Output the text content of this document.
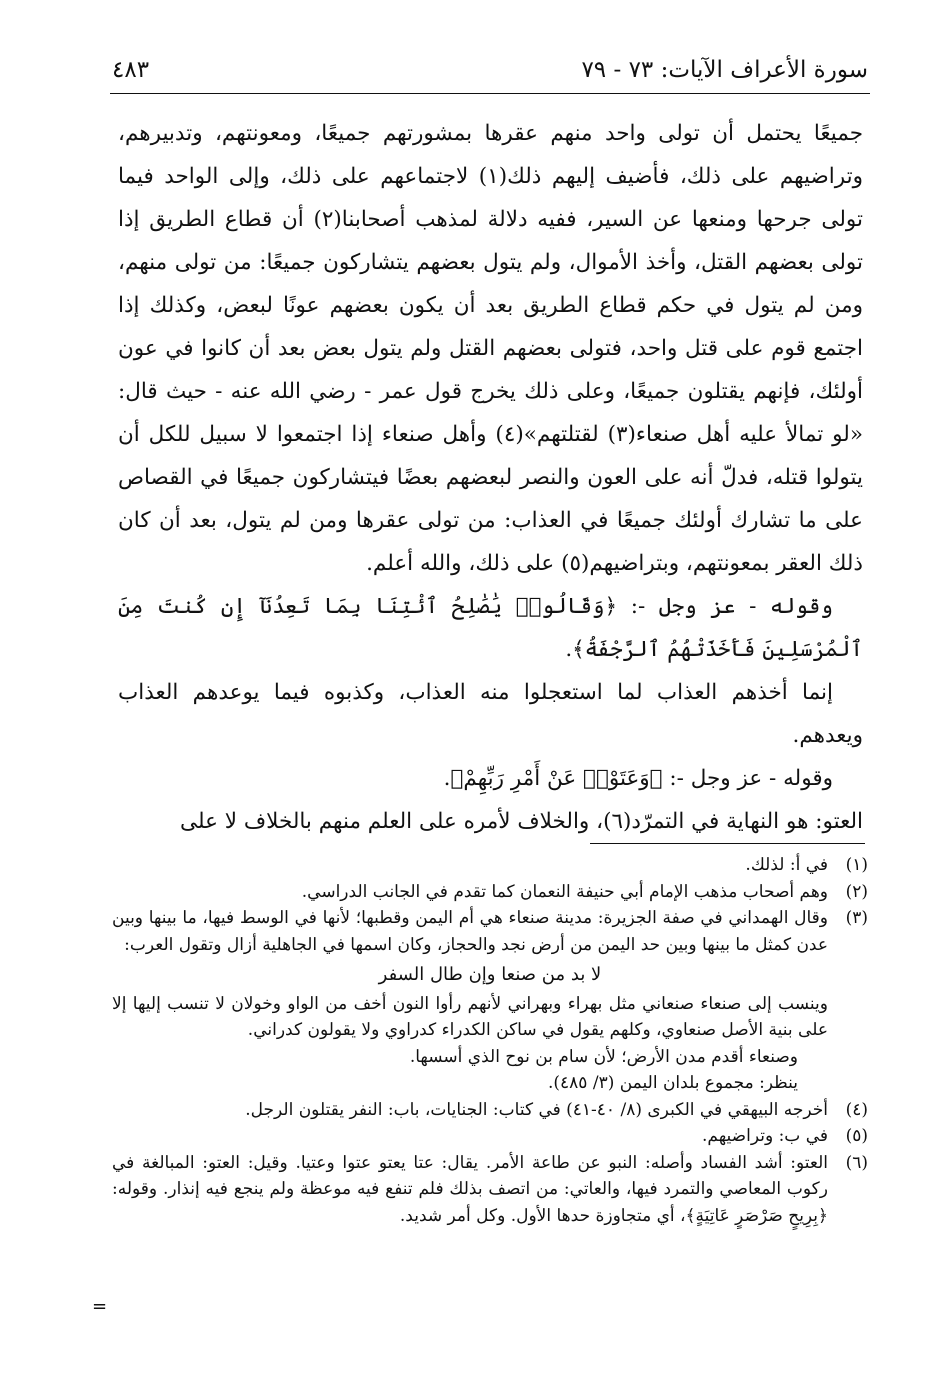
سورة الأعراف الآيات: ٧٣ - ٧٩
٤٨٣

جميعًا يحتمل أن تولى واحد منهم عقرها بمشورتهم جميعًا، ومعونتهم، وتدبيرهم، وتراضيهم على ذلك، فأضيف إليهم ذلك(١) لاجتماعهم على ذلك، وإلى الواحد فيما تولى جرحها ومنعها عن السير، ففيه دلالة لمذهب أصحابنا(٢) أن قطاع الطريق إذا تولى بعضهم القتل، وأخذ الأموال، ولم يتول بعضهم يتشاركون جميعًا: من تولى منهم، ومن لم يتول في حكم قطاع الطريق بعد أن يكون بعضهم عونًا لبعض، وكذلك إذا اجتمع قوم على قتل واحد، فتولى بعضهم القتل ولم يتول بعض بعد أن كانوا في عون أولئك، فإنهم يقتلون جميعًا، وعلى ذلك يخرج قول عمر - رضي الله عنه - حيث قال: «لو تمالأ عليه أهل صنعاء(٣) لقتلتهم»(٤) وأهل صنعاء إذا اجتمعوا لا سبيل للكل أن يتولوا قتله، فدلّ أنه على العون والنصر لبعضهم بعضًا فيتشاركون جميعًا في القصاص على ما تشارك أولئك جميعًا في العذاب: من تولى عقرها ومن لم يتول، بعد أن كان ذلك العقر بمعونتهم، وبتراضيهم(٥) على ذلك، والله أعلم.

وقوله - عز وجل -: ﴿وَقَالُوا۟ يَٰصَٰلِحُ ٱئْتِنَا بِمَا تَعِدُنَآ إِن كُنتَ مِنَ ٱلْمُرْسَلِينَ فَأَخَذَتْهُمُ ٱلرَّجْفَةُ﴾.

إنما أخذهم العذاب لما استعجلوا منه العذاب، وكذبوه فيما يوعدهم العذاب ويعدهم.

وقوله - عز وجل -: ﴿وَعَتَوْا۟ عَنْ أَمْرِ رَبِّهِمْ﴾.

العتو: هو النهاية في التمرّد(٦)، والخلاف لأمره على العلم منهم بالخلاف لا على

(١)
في أ: لذلك.
(٢)
وهم أصحاب مذهب الإمام أبي حنيفة النعمان كما تقدم في الجانب الدراسي.
(٣)
وقال الهمداني في صفة الجزيرة: مدينة صنعاء هي أم اليمن وقطبها؛ لأنها في الوسط فيها، ما بينها وبين عدن كمثل ما بينها وبين حد اليمن من أرض نجد والحجاز، وكان اسمها في الجاهلية أزال وتقول العرب:
لا بد من صنعا وإن طال السفر
وينسب إلى صنعاء صنعاني مثل بهراء وبهراني لأنهم رأوا النون أخف من الواو وخولان لا تنسب إليها إلا على بنية الأصل صنعاوي، وكلهم يقول في ساكن الكدراء كدراوي ولا يقولون كدراني.
وصنعاء أقدم مدن الأرض؛ لأن سام بن نوح الذي أسسها.
ينظر: مجموع بلدان اليمن (٣/ ٤٨٥).
(٤)
أخرجه البيهقي في الكبرى (٨/ ٤٠-٤١) في كتاب: الجنايات، باب: النفر يقتلون الرجل.
(٥)
في ب: وتراضيهم.
(٦)
العتو: أشد الفساد وأصله: النبو عن طاعة الأمر. يقال: عتا يعتو عتوا وعتيا. وقيل: العتو: المبالغة في ركوب المعاصي والتمرد فيها، والعاتي: من اتصف بذلك فلم تنفع فيه موعظة ولم ينجع فيه إنذار. وقوله: ﴿بِرِيحٍ صَرْصَرٍ عَاتِيَةٍ﴾، أي متجاوزة حدها الأول. وكل أمر شديد.
=
